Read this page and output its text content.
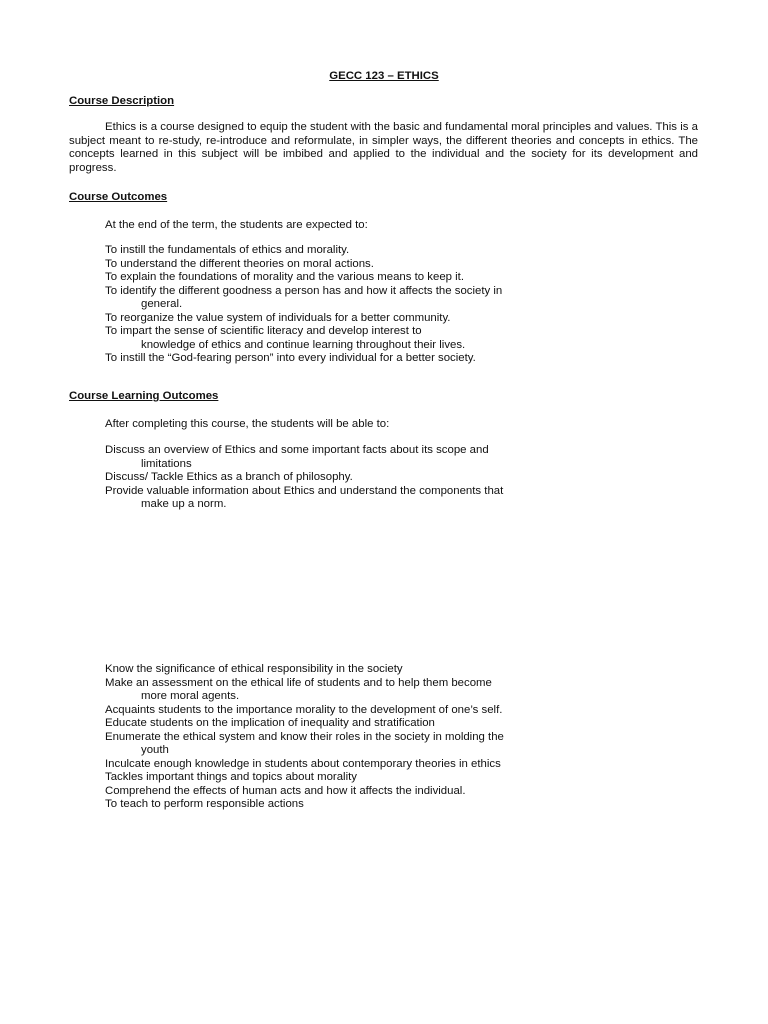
GECC 123 – ETHICS
Course Description

Ethics is a course designed to equip the student with the basic and fundamental moral principles and values. This is a subject meant to re-study, re-introduce and reformulate, in simpler ways, the different theories and concepts in ethics. The concepts learned in this subject will be imbibed and applied to the individual and the society for its development and progress.

Course Outcomes
At the end of the term, the students are expected to:
To instill the fundamentals of ethics and morality.
To understand the different theories on moral actions.
To explain the foundations of morality and the various means to keep it.
To identify the different goodness a person has and how it affects the society in
general.
To reorganize the value system of individuals for a better community.
To impart the sense of scientific literacy and develop interest to
knowledge of ethics and continue learning throughout their lives.
To instill the “God-fearing person” into every individual for a better society.
Course Learning Outcomes
After completing this course, the students will be able to:
Discuss an overview of Ethics and some important facts about its scope and
limitations
Discuss/ Tackle Ethics as a branch of philosophy.
Provide valuable information about Ethics and understand the components that
make up a norm.
Know the significance of ethical responsibility in the society
Make an assessment on the ethical life of students and to help them become
more moral agents.
Acquaints students to the importance morality to the development of one’s self.
Educate students on the implication of inequality and stratification
Enumerate the ethical system and know their roles in the society in molding the
youth
Inculcate enough knowledge in students about contemporary theories in ethics
Tackles important things and topics about morality
Comprehend the effects of human acts and how it affects the individual.
To teach to perform responsible actions
